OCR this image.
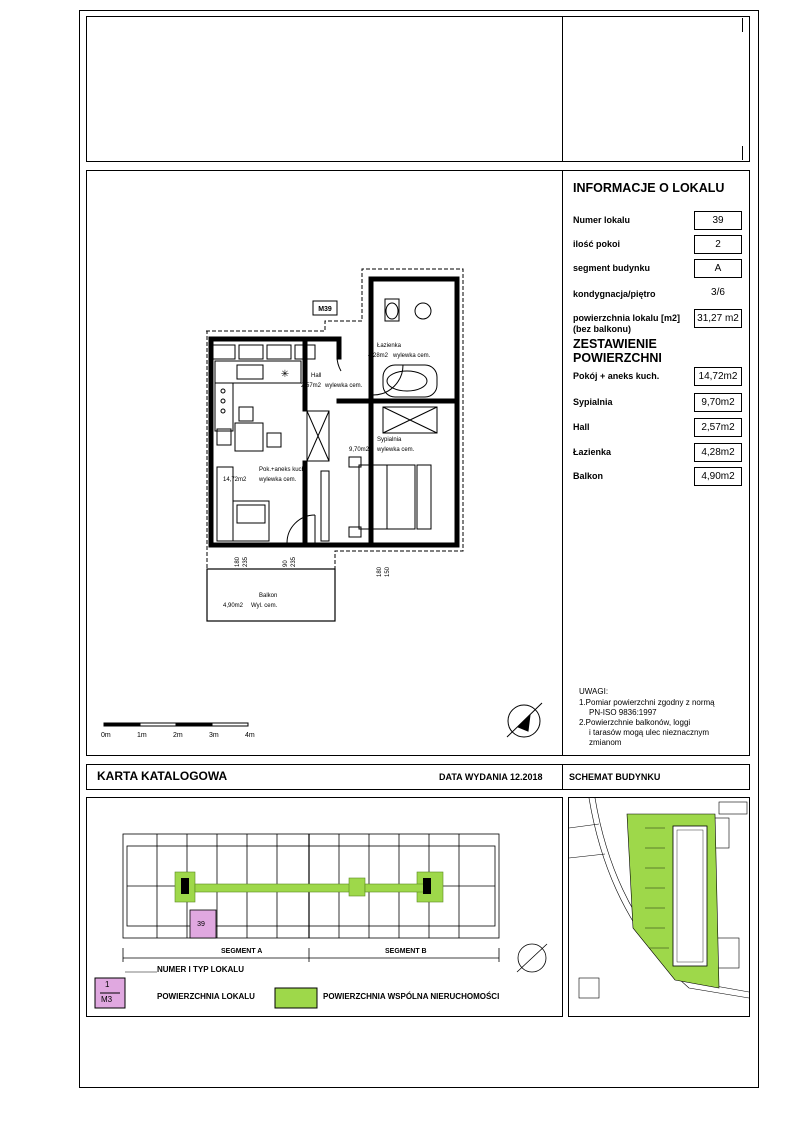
✳
M39
Łazienka
4,28m2 wylewka cem.
Hall
2,57m2 wylewka cem.
Sypialnia
9,70m2 wylewka cem.
Pok.+aneks kuch.
14,72m2 wylewka cem.
Balkon
4,90m2 Wyl. cem.
180 235	90 235
180 150
0m	1m	2m	3m	4m
INFORMACJE O LOKALU
Numer lokalu	39
ilość pokoi	2
segment budynku	A
kondygnacja/piętro	3/6
powierzchnia lokalu [m2]
(bez balkonu)
31,27 m2
ZESTAWIENIE POWIERZCHNI
Pokój + aneks kuch.	14,72m2
Sypialnia	9,70m2
Hall	2,57m2
Łazienka	4,28m2
Balkon	4,90m2
UWAGI:
1.Pomiar powierzchni zgodny z normą
PN-ISO 9836:1997
2.Powierzchnie balkonów, loggi
i tarasów mogą ulec nieznacznym
zmianom
KARTA KATALOGOWA	DATA WYDANIA 12.2018	SCHEMAT BUDYNKU
39
SEGMENT A	SEGMENT B
1
M3
NUMER I TYP LOKALU
POWIERZCHNIA LOKALU	POWIERZCHNIA WSPÓLNA NIERUCHOMOŚCI
